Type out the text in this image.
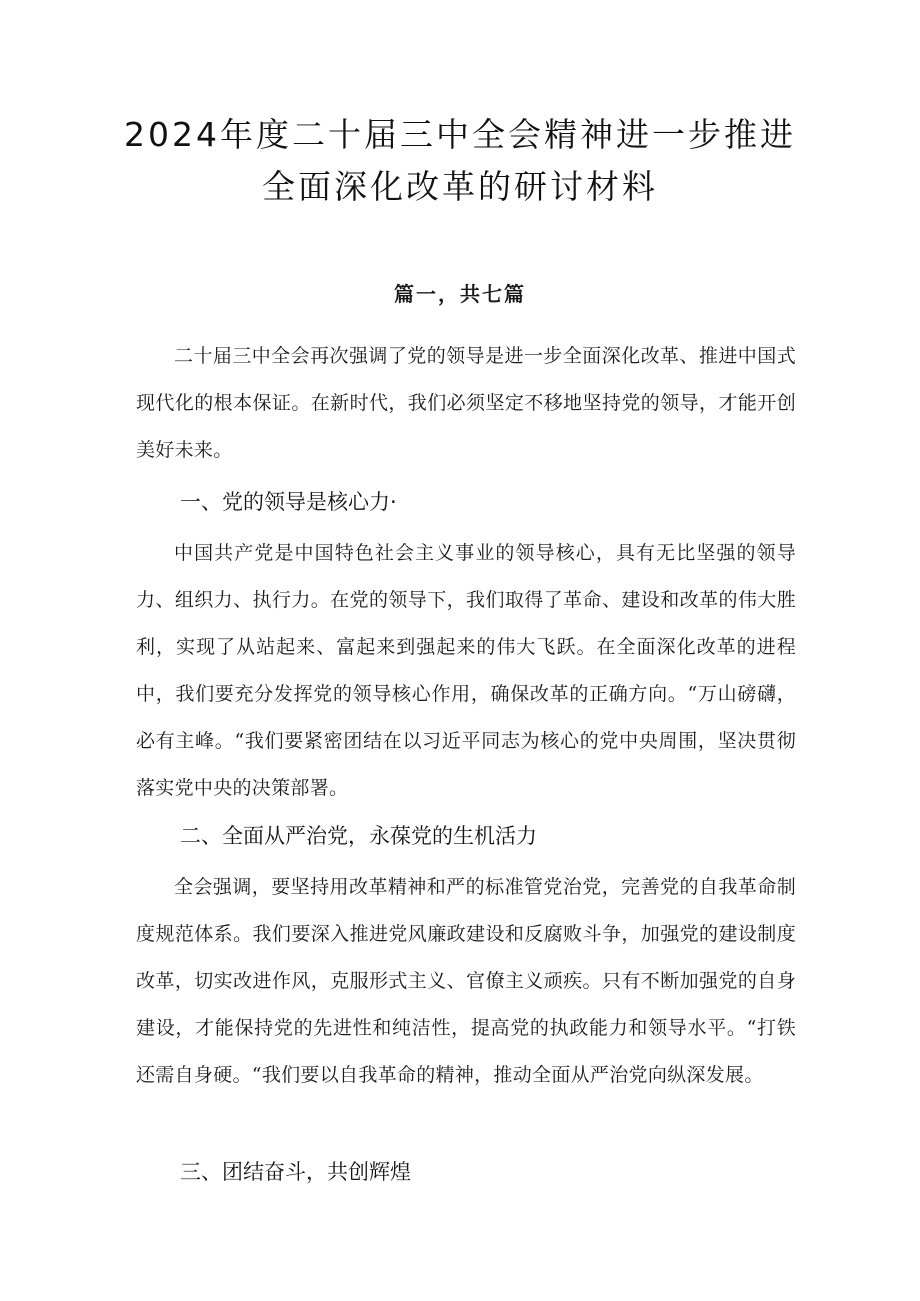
2024年度二十届三中全会精神进一步推进
全面深化改革的研讨材料
篇一，共七篇

二十届三中全会再次强调了党的领导是进一步全面深化改革、推进中国式现代化的根本保证。在新时代，我们必须坚定不移地坚持党的领导，才能开创美好未来。

一、党的领导是核心力·

中国共产党是中国特色社会主义事业的领导核心，具有无比坚强的领导力、组织力、执行力。在党的领导下，我们取得了革命、建设和改革的伟大胜利，实现了从站起来、富起来到强起来的伟大飞跃。在全面深化改革的进程中，我们要充分发挥党的领导核心作用，确保改革的正确方向。“万山磅礴，必有主峰。“我们要紧密团结在以习近平同志为核心的党中央周围，坚决贯彻落实党中央的决策部署。

二、全面从严治党，永葆党的生机活力

全会强调，要坚持用改革精神和严的标准管党治党，完善党的自我革命制度规范体系。我们要深入推进党风廉政建设和反腐败斗争，加强党的建设制度改革，切实改进作风，克服形式主义、官僚主义顽疾。只有不断加强党的自身建设，才能保持党的先进性和纯洁性，提高党的执政能力和领导水平。“打铁还需自身硬。“我们要以自我革命的精神，推动全面从严治党向纵深发展。

三、团结奋斗，共创辉煌
